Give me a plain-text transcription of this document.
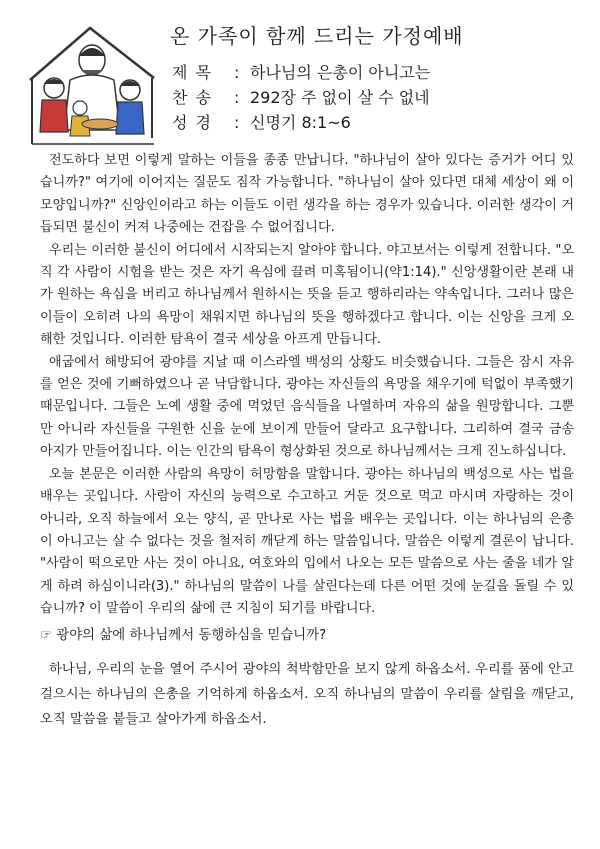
온 가족이 함께 드리는 가정예배
제목 : 하나님의 은총이 아니고는
찬송 : 292장 주 없이 살 수 없네
성경 : 신명기 8:1~6

전도하다 보면 이렇게 말하는 이들을 종종 만납니다. "하나님이 살아 있다는 증거가 어디 있습니까?" 여기에 이어지는 질문도 짐작 가능합니다. "하나님이 살아 있다면 대체 세상이 왜 이 모양입니까?" 신앙인이라고 하는 이들도 이런 생각을 하는 경우가 있습니다. 이러한 생각이 거듭되면 불신이 커져 나중에는 건잡을 수 없어집니다.

우리는 이러한 불신이 어디에서 시작되는지 알아야 합니다. 야고보서는 이렇게 전합니다. "오직 각 사람이 시험을 받는 것은 자기 욕심에 끌려 미혹됨이니(약1:14)." 신앙생활이란 본래 내가 원하는 욕심을 버리고 하나님께서 원하시는 뜻을 듣고 행하리라는 약속입니다. 그러나 많은 이들이 오히려 나의 욕망이 채워지면 하나님의 뜻을 행하겠다고 합니다. 이는 신앙을 크게 오해한 것입니다. 이러한 탐욕이 결국 세상을 아프게 만듭니다.

애굽에서 해방되어 광야를 지날 때 이스라엘 백성의 상황도 비슷했습니다. 그들은 잠시 자유를 얻은 것에 기뻐하였으나 곧 낙담합니다. 광야는 자신들의 욕망을 채우기에 턱없이 부족했기 때문입니다. 그들은 노예 생활 중에 먹었던 음식들을 나열하며 자유의 삶을 원망합니다. 그뿐만 아니라 자신들을 구원한 신을 눈에 보이게 만들어 달라고 요구합니다. 그리하여 결국 금송아지가 만들어집니다. 이는 인간의 탐욕이 형상화된 것으로 하나님께서는 크게 진노하십니다.

오늘 본문은 이러한 사람의 욕망이 허망함을 말합니다. 광야는 하나님의 백성으로 사는 법을 배우는 곳입니다. 사람이 자신의 능력으로 수고하고 거둔 것으로 먹고 마시며 자랑하는 것이 아니라, 오직 하늘에서 오는 양식, 곧 만나로 사는 법을 배우는 곳입니다. 이는 하나님의 은총이 아니고는 살 수 없다는 것을 철저히 깨닫게 하는 말씀입니다. 말씀은 이렇게 결론이 납니다. "사람이 떡으로만 사는 것이 아니요, 여호와의 입에서 나오는 모든 말씀으로 사는 줄을 네가 알게 하려 하심이니라(3)." 하나님의 말씀이 나를 살린다는데 다른 어떤 것에 눈길을 돌릴 수 있습니까? 이 말씀이 우리의 삶에 큰 지침이 되기를 바랍니다.

☞ 광야의 삶에 하나님께서 동행하심을 믿습니까?

하나님, 우리의 눈을 열어 주시어 광야의 척박함만을 보지 않게 하옵소서. 우리를 품에 안고 걸으시는 하나님의 은총을 기억하게 하옵소서. 오직 하나님의 말씀이 우리를 살림을 깨닫고, 오직 말씀을 붙들고 살아가게 하옵소서.
